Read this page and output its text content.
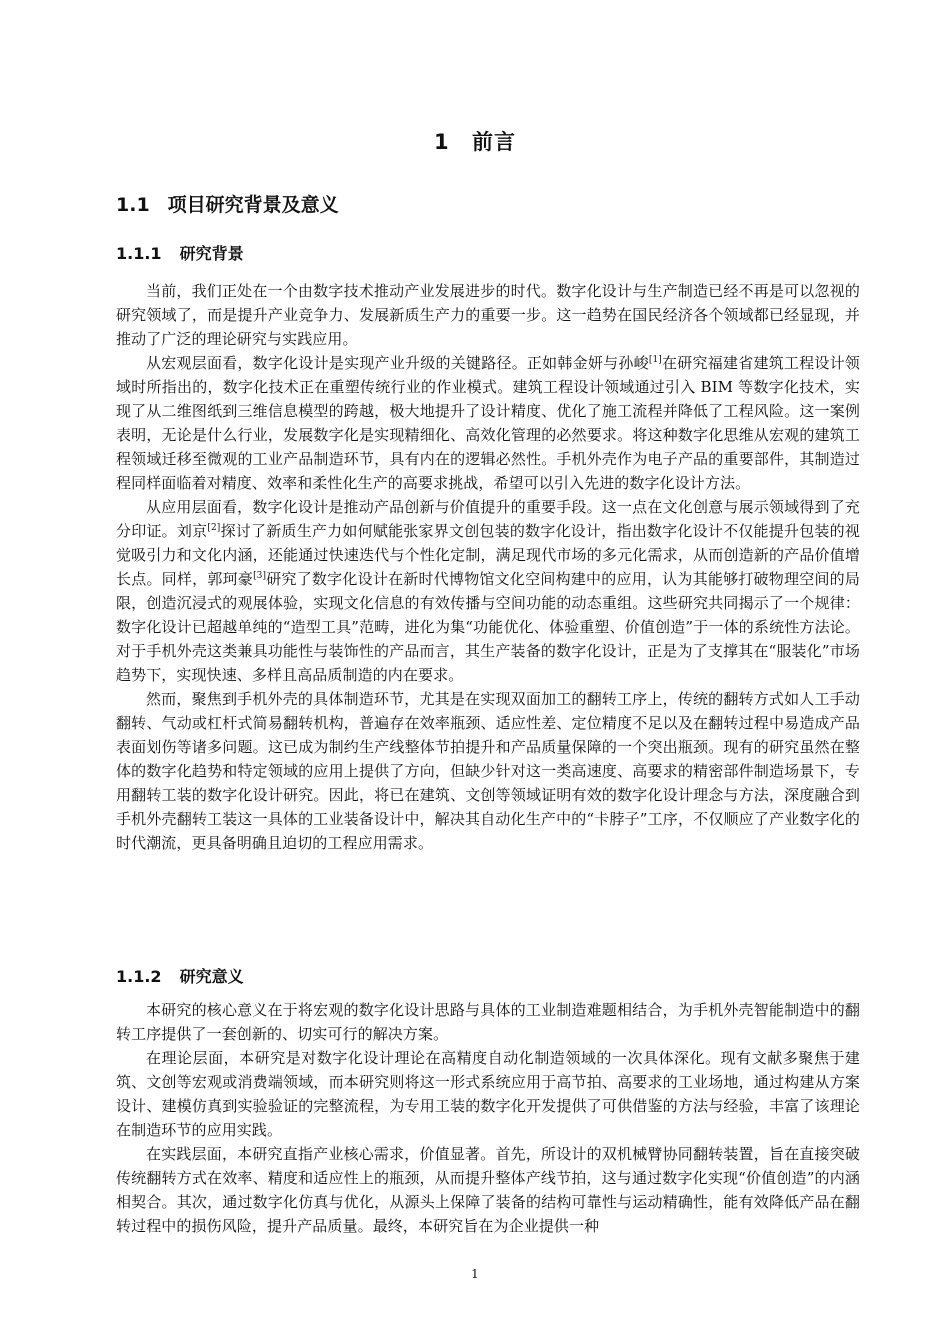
1 前言
1.1 项目研究背景及意义
1.1.1 研究背景

当前，我们正处在一个由数字技术推动产业发展进步的时代。数字化设计与生产制造已经不再是可以忽视的研究领域了，而是提升产业竞争力、发展新质生产力的重要一步。这一趋势在国民经济各个领域都已经显现，并推动了广泛的理论研究与实践应用。

从宏观层面看，数字化设计是实现产业升级的关键路径。正如韩金妍与孙峻[1]在研究福建省建筑工程设计领域时所指出的，数字化技术正在重塑传统行业的作业模式。建筑工程设计领域通过引入 BIM 等数字化技术，实现了从二维图纸到三维信息模型的跨越，极大地提升了设计精度、优化了施工流程并降低了工程风险。这一案例表明，无论是什么行业，发展数字化是实现精细化、高效化管理的必然要求。将这种数字化思维从宏观的建筑工程领域迁移至微观的工业产品制造环节，具有内在的逻辑必然性。手机外壳作为电子产品的重要部件，其制造过程同样面临着对精度、效率和柔性化生产的高要求挑战，希望可以引入先进的数字化设计方法。

从应用层面看，数字化设计是推动产品创新与价值提升的重要手段。这一点在文化创意与展示领域得到了充分印证。刘京[2]探讨了新质生产力如何赋能张家界文创包装的数字化设计，指出数字化设计不仅能提升包装的视觉吸引力和文化内涵，还能通过快速迭代与个性化定制，满足现代市场的多元化需求，从而创造新的产品价值增长点。同样，郭珂豪[3]研究了数字化设计在新时代博物馆文化空间构建中的应用，认为其能够打破物理空间的局限，创造沉浸式的观展体验，实现文化信息的有效传播与空间功能的动态重组。这些研究共同揭示了一个规律：数字化设计已超越单纯的“造型工具”范畴，进化为集“功能优化、体验重塑、价值创造”于一体的系统性方法论。对于手机外壳这类兼具功能性与装饰性的产品而言，其生产装备的数字化设计，正是为了支撑其在“服装化”市场趋势下，实现快速、多样且高品质制造的内在要求。

然而，聚焦到手机外壳的具体制造环节，尤其是在实现双面加工的翻转工序上，传统的翻转方式如人工手动翻转、气动或杠杆式简易翻转机构，普遍存在效率瓶颈、适应性差、定位精度不足以及在翻转过程中易造成产品表面划伤等诸多问题。这已成为制约生产线整体节拍提升和产品质量保障的一个突出瓶颈。现有的研究虽然在整体的数字化趋势和特定领域的应用上提供了方向，但缺少针对这一类高速度、高要求的精密部件制造场景下，专用翻转工装的数字化设计研究。因此，将已在建筑、文创等领域证明有效的数字化设计理念与方法，深度融合到手机外壳翻转工装这一具体的工业装备设计中，解决其自动化生产中的“卡脖子”工序，不仅顺应了产业数字化的时代潮流，更具备明确且迫切的工程应用需求。

1.1.2 研究意义

本研究的核心意义在于将宏观的数字化设计思路与具体的工业制造难题相结合，为手机外壳智能制造中的翻转工序提供了一套创新的、切实可行的解决方案。

在理论层面，本研究是对数字化设计理论在高精度自动化制造领域的一次具体深化。现有文献多聚焦于建筑、文创等宏观或消费端领域，而本研究则将这一形式系统应用于高节拍、高要求的工业场地，通过构建从方案设计、建模仿真到实验验证的完整流程，为专用工装的数字化开发提供了可供借鉴的方法与经验，丰富了该理论在制造环节的应用实践。

在实践层面，本研究直指产业核心需求，价值显著。首先，所设计的双机械臂协同翻转装置，旨在直接突破传统翻转方式在效率、精度和适应性上的瓶颈，从而提升整体产线节拍，这与通过数字化实现“价值创造”的内涵相契合。其次，通过数字化仿真与优化，从源头上保障了装备的结构可靠性与运动精确性，能有效降低产品在翻转过程中的损伤风险，提升产品质量。最终，本研究旨在为企业提供一种

1
